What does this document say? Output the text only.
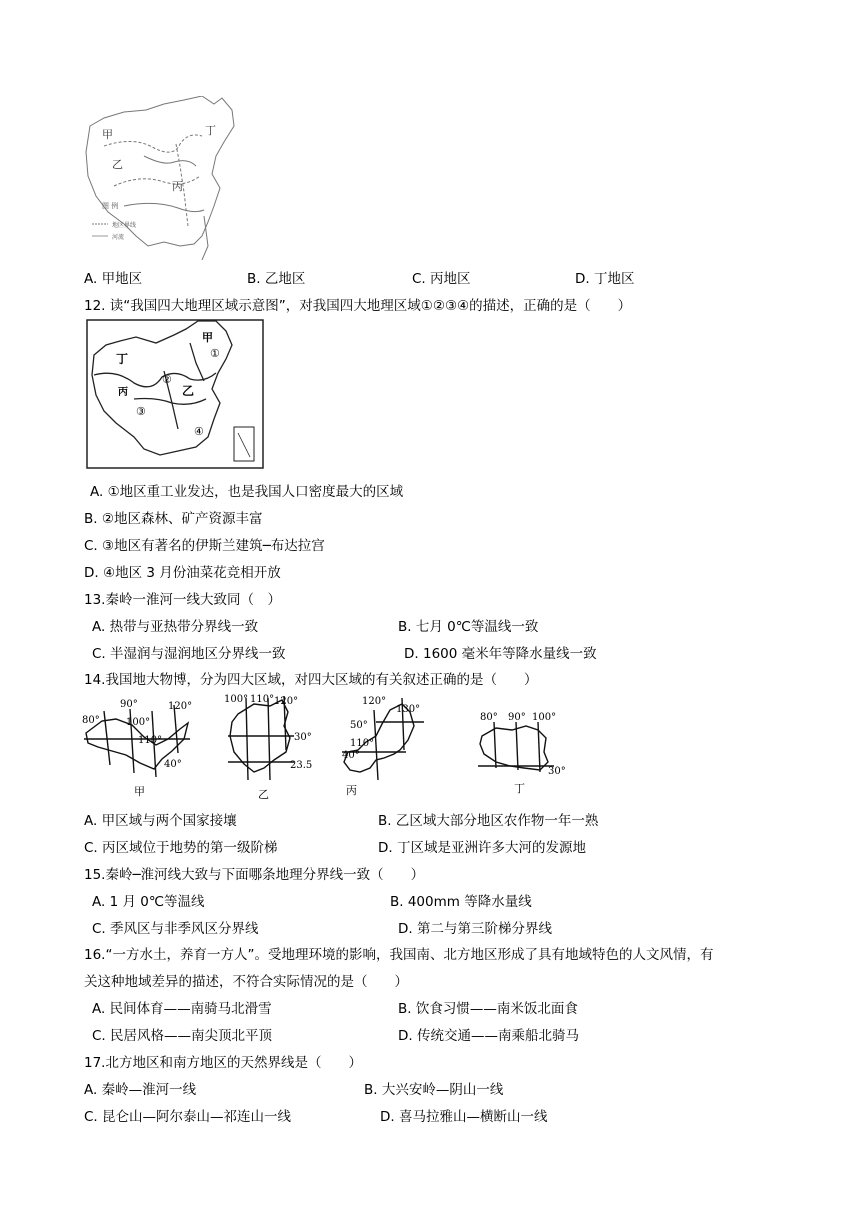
甲	丁
乙
丙
图 例
地区界线
河流
A. 甲地区	B. 乙地区	C. 丙地区	D. 丁地区
12. 读“我国四大地理区域示意图”，对我国四大地理区域①②③④的描述，正确的是（　　）
甲
丁	①
②
乙
丙
③
④
A. ①地区重工业发达，也是我国人口密度最大的区域
B. ②地区森林、矿产资源丰富
C. ③地区有著名的伊斯兰建筑─布达拉宫
D. ④地区 3 月份油菜花竞相开放
13.秦岭一淮河一线大致同（　）
A. 热带与亚热带分界线一致	B. 七月 0℃等温线一致
C. 半湿润与湿润地区分界线一致	D. 1600 毫米年等降水量线一致
14.我国地大物博，分为四大区域，对四大区域的有关叙述正确的是（　　）
90°	120°
80°	100°
110°
40°
甲
100° 110° 120°
30°
23.5
乙
120°
130°
50°
110°
40°
丙
80° 90° 100°
30°
丁
A. 甲区域与两个国家接壤	B. 乙区域大部分地区农作物一年一熟
C. 丙区域位于地势的第一级阶梯	D. 丁区域是亚洲许多大河的发源地
15.秦岭─淮河线大致与下面哪条地理分界线一致（　　）
A. 1 月 0℃等温线	B. 400mm 等降水量线
C. 季风区与非季风区分界线	D. 第二与第三阶梯分界线
16.“一方水土，养育一方人”。受地理环境的影响，我国南、北方地区形成了具有地域特色的人文风情，有
关这种地域差异的描述，不符合实际情况的是（　　）
A. 民间体育——南骑马北滑雪	B. 饮食习惯——南米饭北面食
C. 民居风格——南尖顶北平顶	D. 传统交通——南乘船北骑马
17.北方地区和南方地区的天然界线是（　　）
A. 秦岭—淮河一线	B. 大兴安岭—阴山一线
C. 昆仑山—阿尔泰山—祁连山一线	D. 喜马拉雅山—横断山一线
